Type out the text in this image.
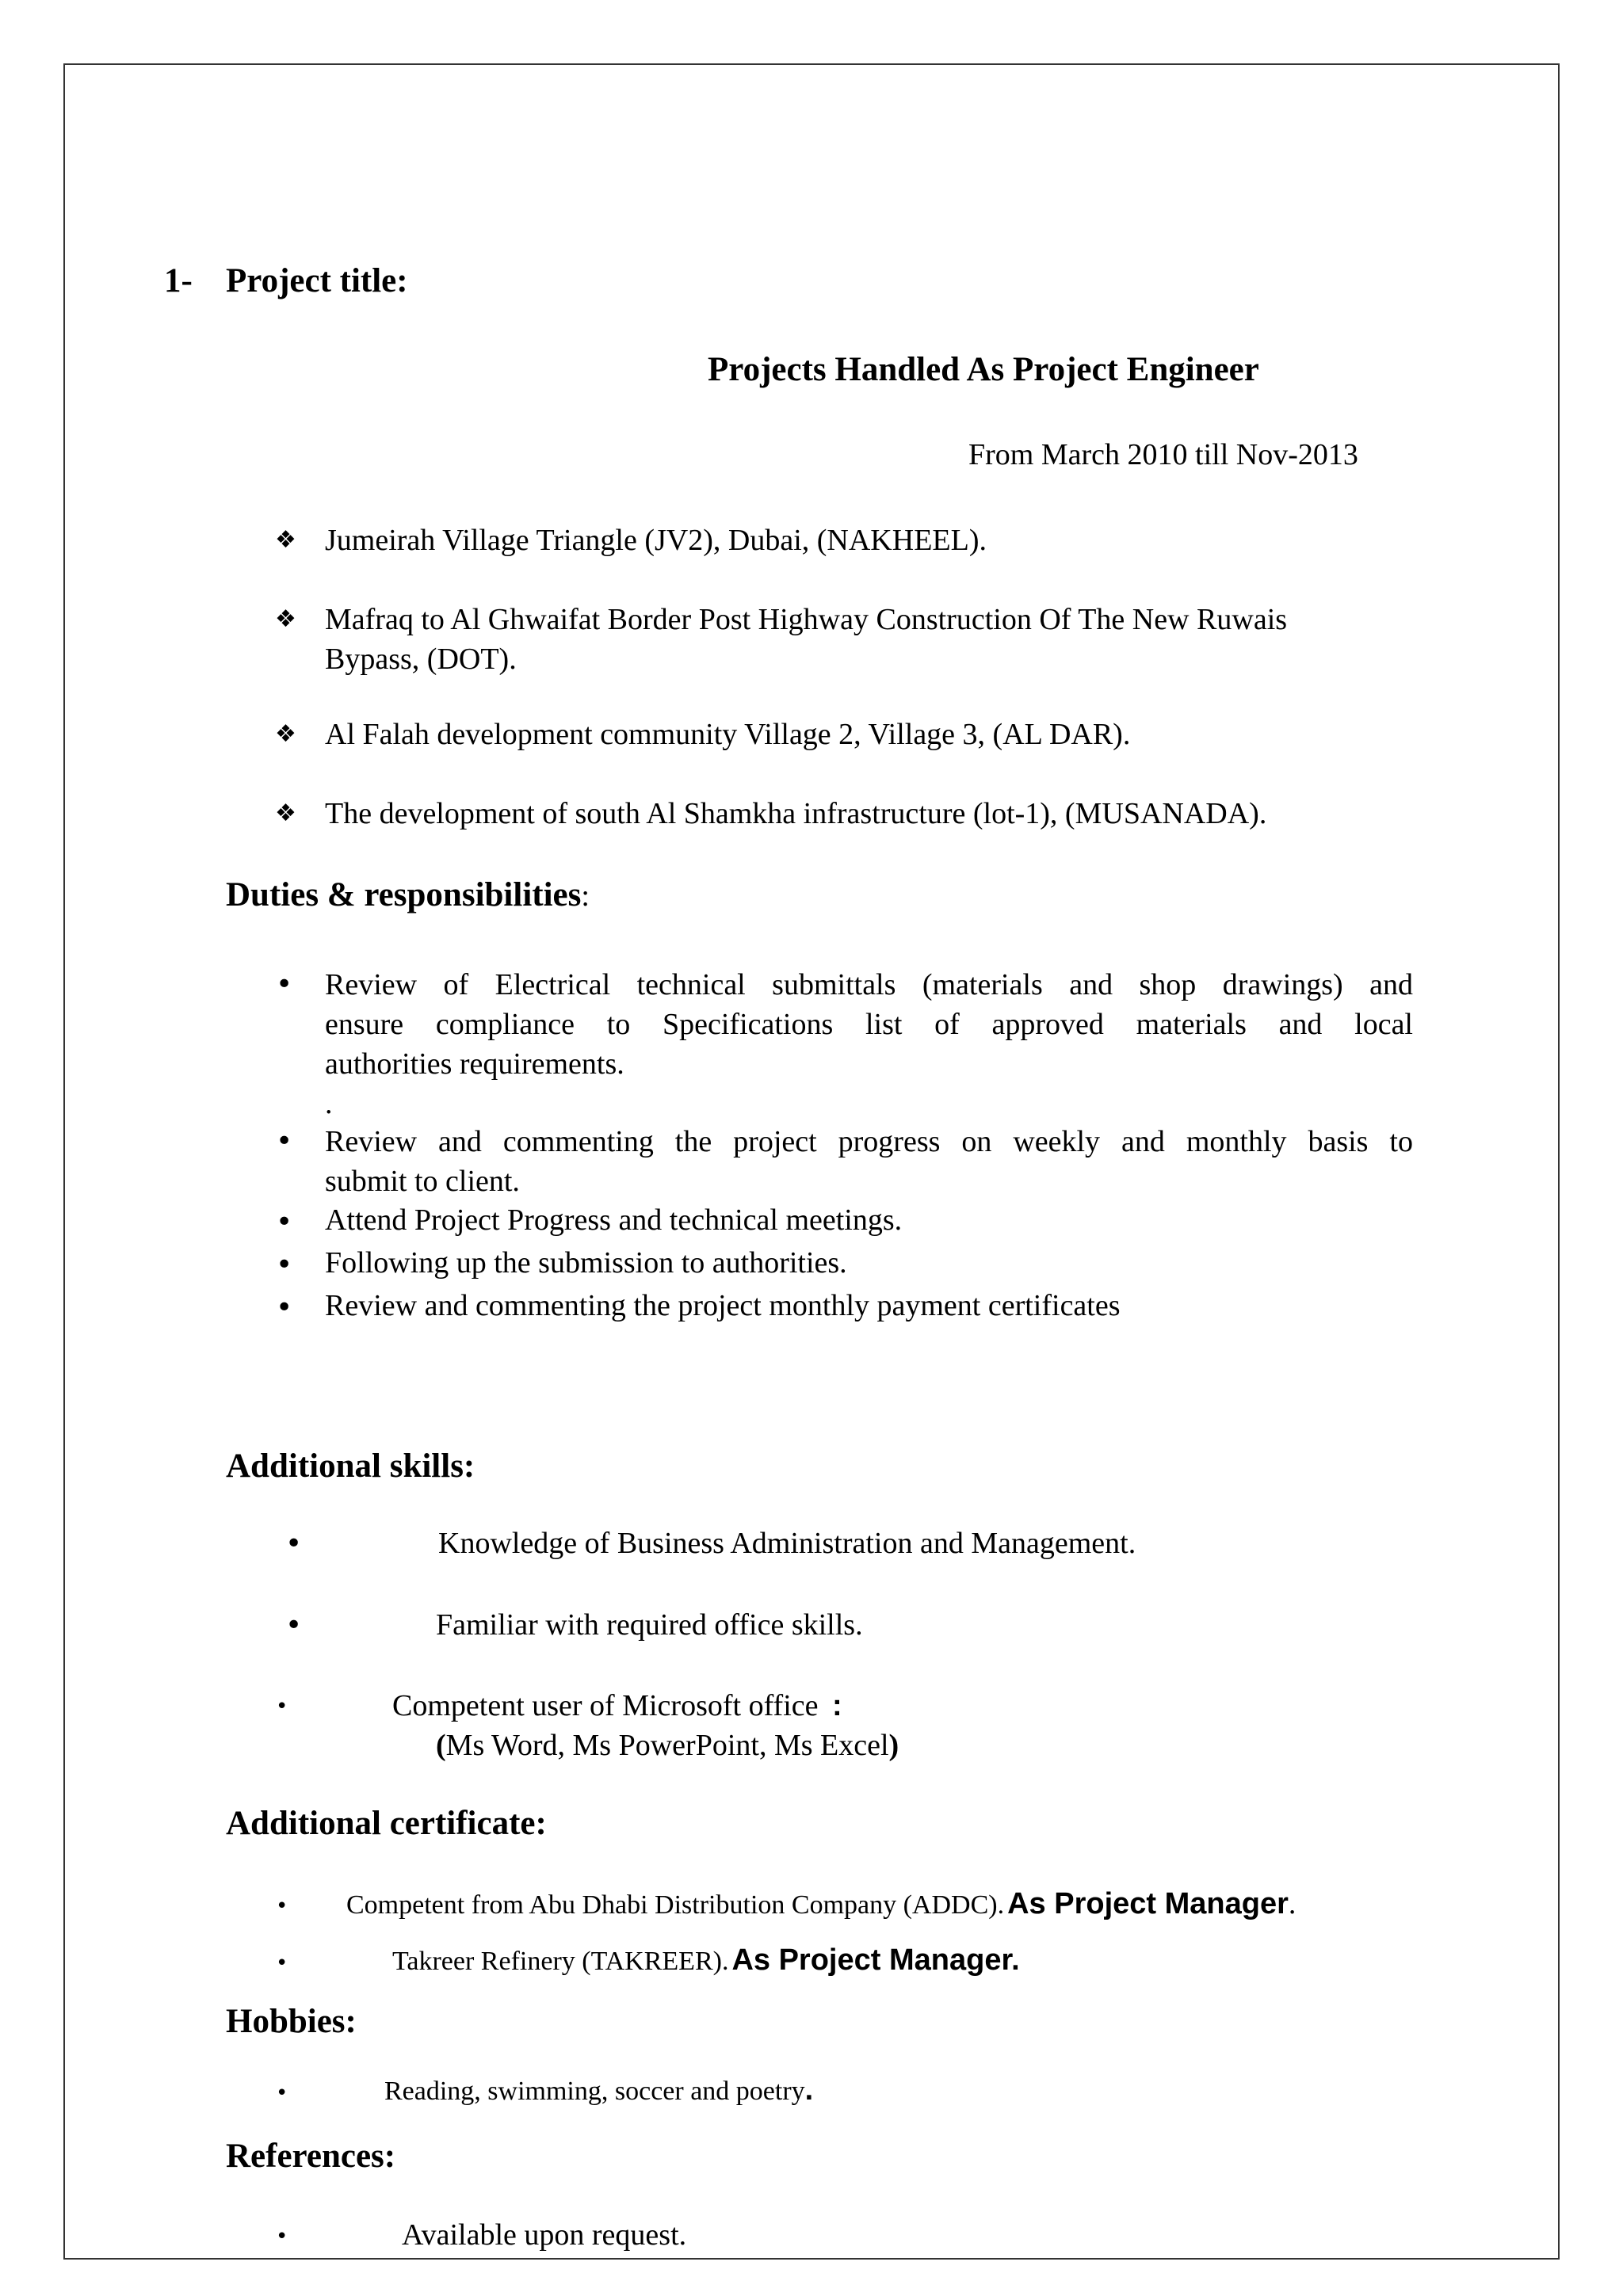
1- Project title:
Projects Handled As Project Engineer
From March 2010 till Nov-2013
❖ Jumeirah Village Triangle (JV2), Dubai, (NAKHEEL).
❖ Mafraq to Al Ghwaifat Border Post Highway Construction Of The New Ruwais
Bypass, (DOT).
❖ Al Falah development community Village 2, Village 3, (AL DAR).
❖ The development of south Al Shamkha infrastructure (lot-1), (MUSANADA).
Duties & responsibilities:
• Review of Electrical technical submittals (materials and shop drawings) and
ensure compliance to Specifications list of approved materials and local
authorities requirements.
.
• Review and commenting the project progress on weekly and monthly basis to
submit to client.
• Attend Project Progress and technical meetings.
• Following up the submission to authorities.
• Review and commenting the project monthly payment certificates
Additional skills:
•	Knowledge of Business Administration and Management.
•	Familiar with required office skills.
•	Competent user of Microsoft office :
(Ms Word, Ms PowerPoint, Ms Excel)
Additional certificate:
• Competent from Abu Dhabi Distribution Company (ADDC). As Project Manager.
•	Takreer Refinery (TAKREER). As Project Manager.
Hobbies:
•	Reading, swimming, soccer and poetry.
References:
•	Available upon request.
